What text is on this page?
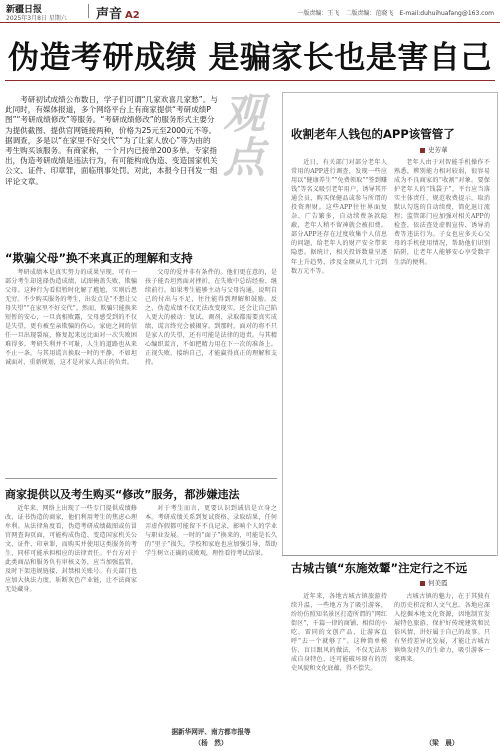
新疆日报
2025年3月8日 星期六 声音 A2	一版责编：王飞　二版责编：范晓飞　E-mail:duhuihuafang@163.com
伪造考研成绩 是骗家长也是害自己
考研初试成绩公布数日，学子们可谓“几家欢喜几家愁”。与此同时，有媒体报道，多个网络平台上有商家提供“考研成绩P图”“考研成绩修改”等服务。“考研成绩修改”的服务形式主要分为提供截图、提供官网链接两种，价格为25元至2000元不等。据调查，多是以“在家里不好交代”“为了让家人放心”等为由的考生购买该服务。有商家称，一个月内已接单200多单。专家指出，伪造考研成绩是违法行为，有可能构成伪造、变造国家机关公文、证件、印章罪，面临刑事处罚。对此，本报今日刊发一组评论文章。
观点
“欺骗父母”换不来真正的理解和支持

考研成绩本是真实努力的成果呈现，可有一部分考生却选择伪造成绩，试图掩盖失败、欺骗父母。这种行为看似暂时化解了尴尬，实则后患无穷。不少购买服务的考生，出发点是“不想让父母失望”“在家里不好交代”。然而，欺骗只能换来短暂的安心，一旦真相败露，父母感受到的不仅是失望，更有被至亲欺骗的伤心。家庭之间的信任一旦出现裂痕，修复起来远比面对一次失败困难得多。考研失利并不可耻，人生的道路也从来不止一条。与其用谎言换取一时的平静，不如坦诚面对、重新规划，这才是对家人真正的负责。

父母的爱并非有条件的。他们更在意的，是孩子能否坦然面对挫折，在失败中总结经验、继续前行。如果考生能够主动与父母沟通，说明自己的付出与不足，往往能得到理解和鼓励。反之，伪造成绩不仅无法改变现实，还会让自己陷入更大的被动：复试、调剂、录取都需要真实成绩，谎言终究会被揭穿。到那时，面对的将不只是家人的失望，还有可能是法律的追责。与其精心编织谎言，不如把精力用在下一次的准备上。正视失败、接纳自己，才能赢得真正的理解和支持。

商家提供以及考生购买“修改”服务，都涉嫌违法

近年来，网络上出现了一些专门提供成绩修改、证书伪造的商家，他们利用考生的焦虑心理牟利。从法律角度看，伪造考研成绩截图或仿冒官网查询页面，可能构成伪造、变造国家机关公文、证件、印章罪，而购买并使用这类服务的考生，同样可能承担相应的法律责任。平台方对于此类商品和服务负有审核义务，应当加强监管，及时下架违规链接，封禁相关账号。有关部门也应加大执法力度，斩断灰色产业链，让不法商家无处藏身。

对于考生而言，更要认识到诚信是立身之本。考研成绩关系到复试资格、录取结果，任何弄虚作假都可能留下不良记录，影响个人的学业与职业发展。一时的“面子”换来的，可能是长久的“里子”损失。学校和家庭也应加强引导，帮助学生树立正确的成败观，理性看待考试结果。

据新华网评、南方都市报等
（杨　然）
收割老年人钱包的APP该管管了
史芳華

近日，有关部门对部分老年人常用的APP进行调查，发现一些应用以“健康养生”“免费领取”“签到赚钱”等名义吸引老年用户，诱导其开通会员、购买保健品或参与所谓的投资理财。这些APP往往界面复杂、广告繁多，自动续费条款隐蔽，老年人稍不留神就会被扣费。部分APP还存在过度收集个人信息的问题，给老年人的财产安全带来隐患。据统计，相关投诉数量呈逐年上升趋势，涉及金额从几十元到数万元不等。

老年人由于对智能手机操作不熟悉，辨别能力相对较弱，很容易成为不良商家的“收割”对象。要保护老年人的“钱袋子”，平台应当落实主体责任，规范收费提示，取消默认勾选的自动续费，简化退订流程；监管部门应加强对相关APP的检查，依法查处虚假宣传、诱导消费等违法行为。子女也应多关心父母的手机使用情况，帮助他们识别陷阱，让老年人能够安心享受数字生活的便利。

古城古镇“东施效颦”注定行之不远
何美霞

近年来，各地古城古镇旅游持续升温，一些地方为了吸引游客，纷纷仿照知名景区打造所谓的“网红街区”，千篇一律的商铺、相似的小吃、雷同的文创产品，让游客直呼“去一个就够了”。这种简单模仿、盲目跟风的做法，不仅无法形成自身特色，还可能破坏原有的历史风貌和文化底蕴，得不偿失。

古城古镇的魅力，在于其独有的历史积淀和人文气息。各地应深入挖掘本地文化资源，因地制宜发展特色旅游，保护好传统建筑和民俗风情，讲好属于自己的故事。只有坚持差异化发展，才能让古城古镇焕发持久的生命力，吸引游客一来再来。

（梁　晨）
